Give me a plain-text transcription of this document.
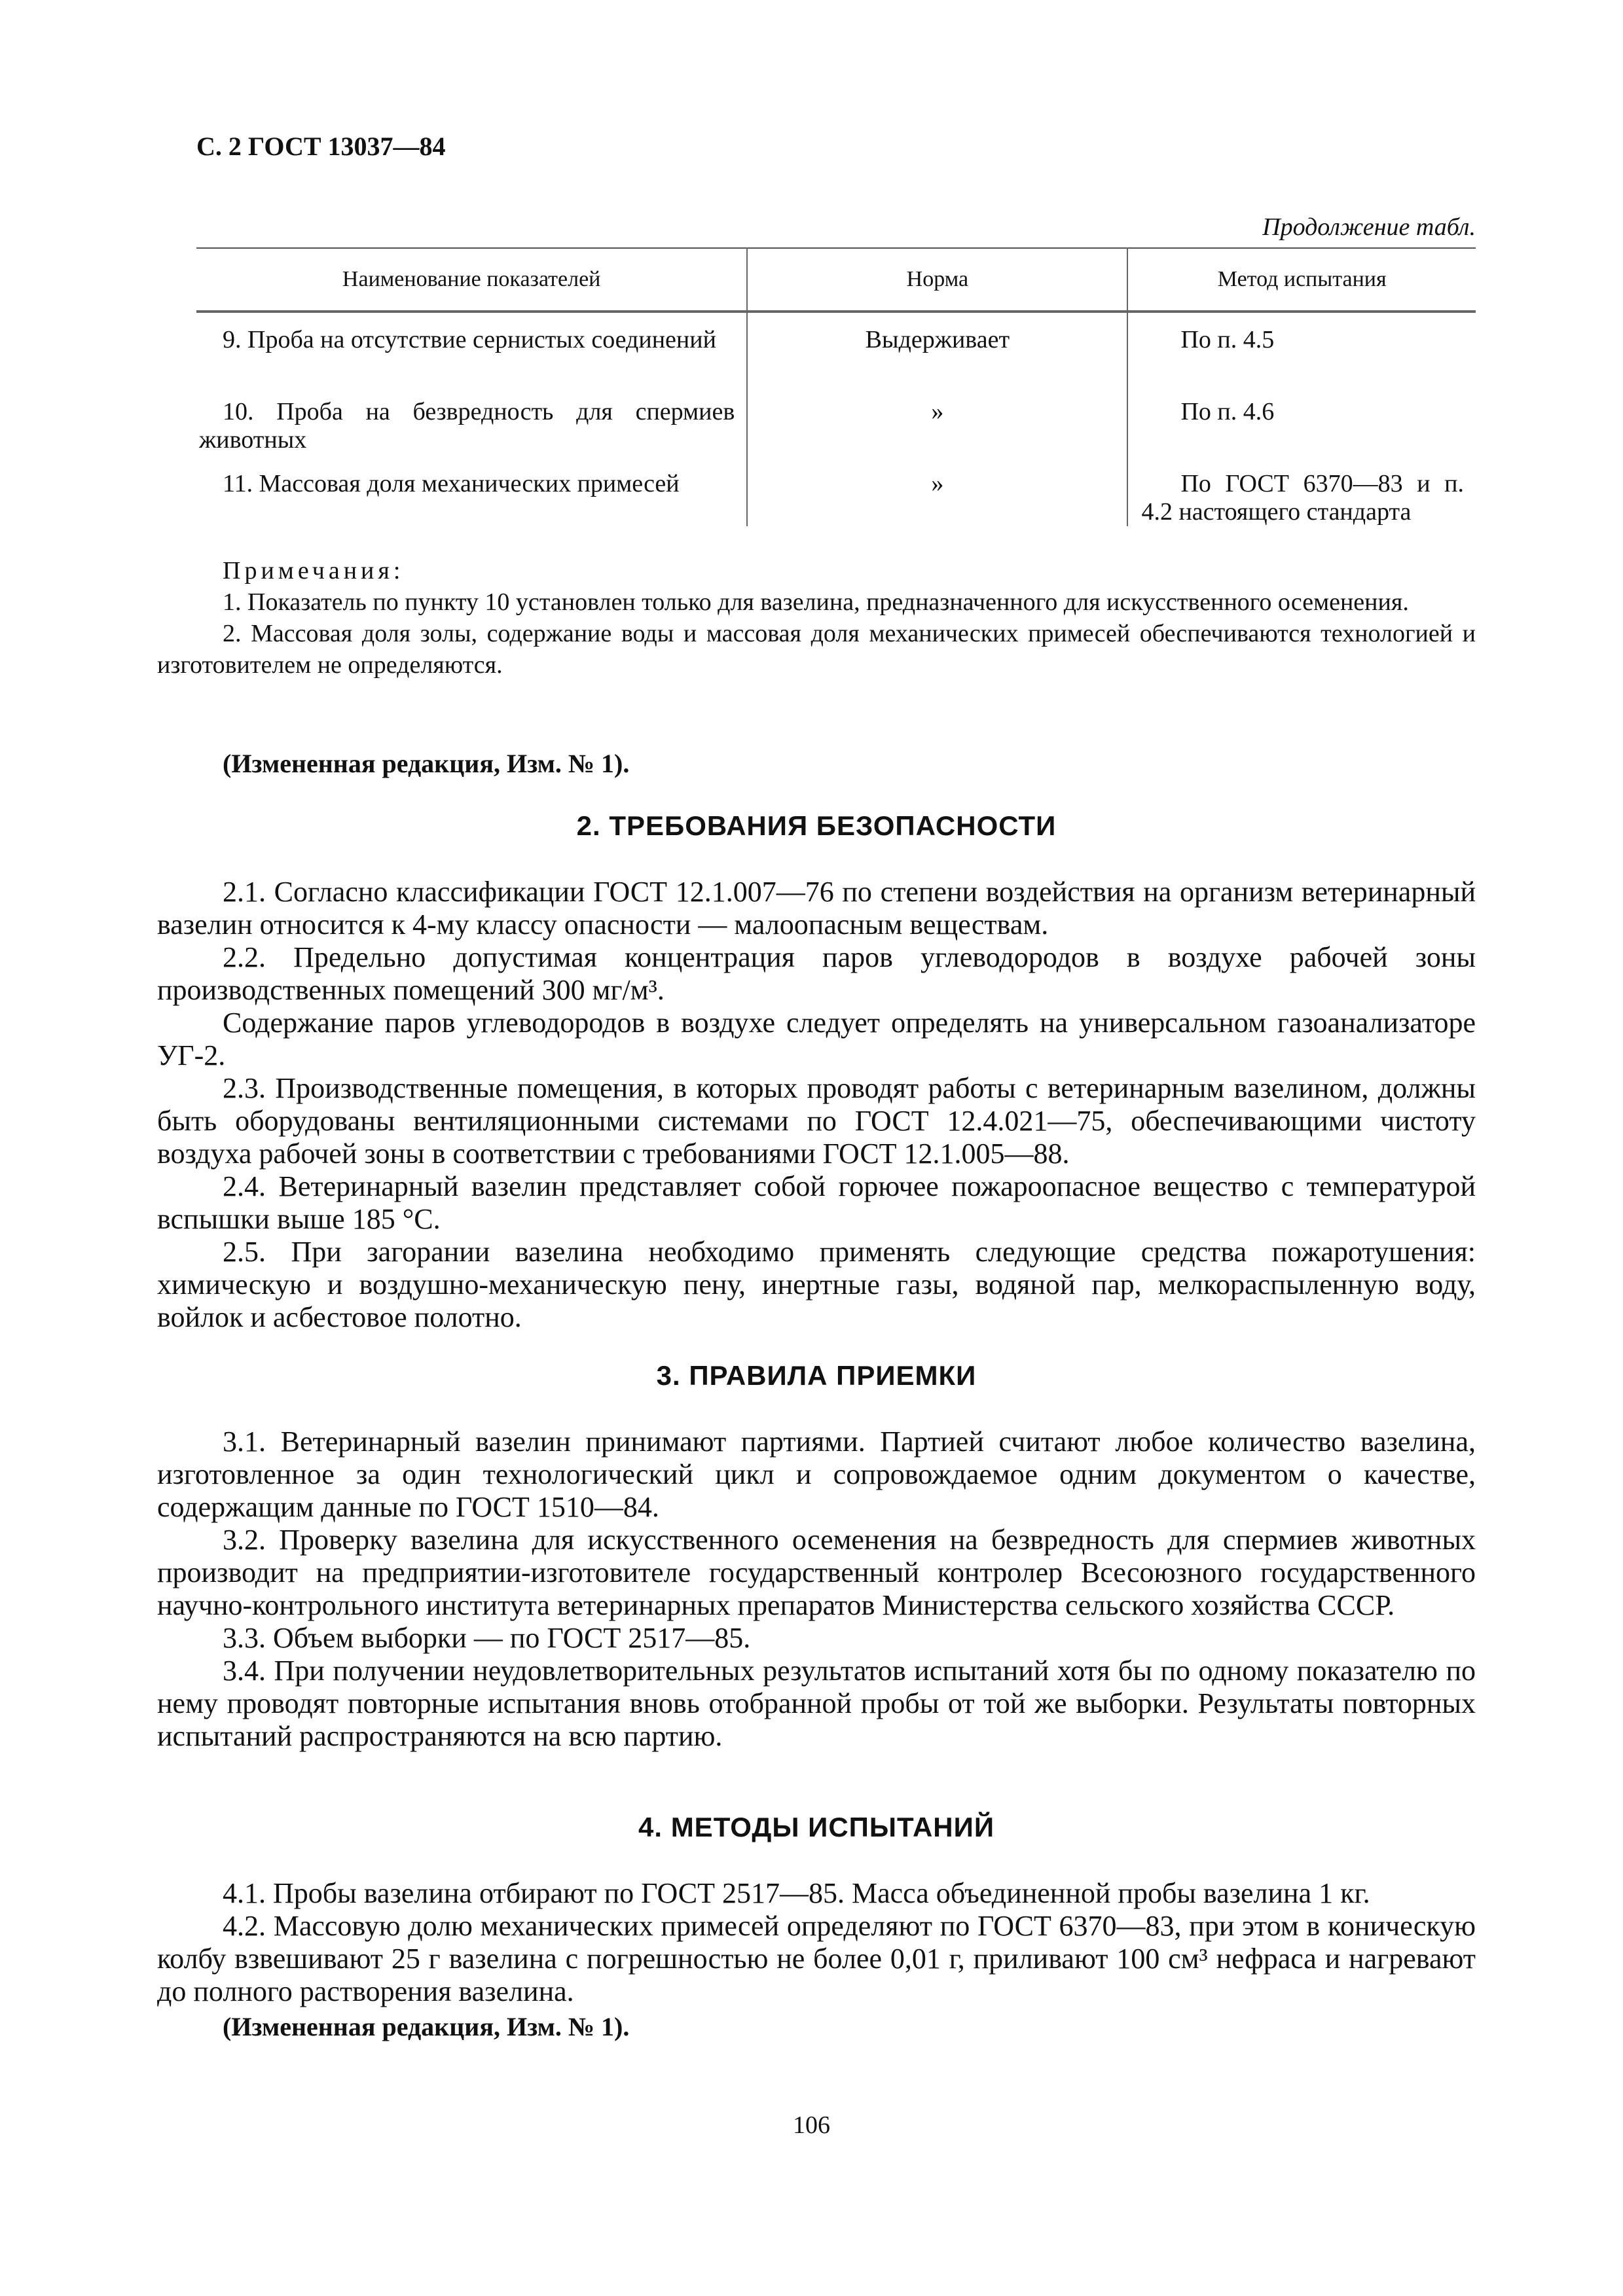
С. 2 ГОСТ 13037—84
Продолжение табл.
Наименование показателей	Норма	Метод испытания

9. Проба на отсутствие сернистых соединений	Выдерживает	По п. 4.5

10. Проба на безвредность для спермиев животных	»	По п. 4.6

11. Массовая доля механических примесей	»	По ГОСТ 6370—83 и п. 4.2 настоящего стандарта

Примечания:

1. Показатель по пункту 10 установлен только для вазелина, предназначенного для искусственного осеменения.

2. Массовая доля золы, содержание воды и массовая доля механических примесей обеспечиваются технологией и изготовителем не определяются.

(Измененная редакция, Изм. № 1).
2. ТРЕБОВАНИЯ БЕЗОПАСНОСТИ

2.1. Согласно классификации ГОСТ 12.1.007—76 по степени воздействия на организм ветеринарный вазелин относится к 4-му классу опасности — малоопасным веществам.

2.2. Предельно допустимая концентрация паров углеводородов в воздухе рабочей зоны производственных помещений 300 мг/м³.

Содержание паров углеводородов в воздухе следует определять на универсальном газоанализаторе УГ-2.

2.3. Производственные помещения, в которых проводят работы с ветеринарным вазелином, должны быть оборудованы вентиляционными системами по ГОСТ 12.4.021—75, обеспечивающими чистоту воздуха рабочей зоны в соответствии с требованиями ГОСТ 12.1.005—88.

2.4. Ветеринарный вазелин представляет собой горючее пожароопасное вещество с температурой вспышки выше 185 °С.

2.5. При загорании вазелина необходимо применять следующие средства пожаротушения: химическую и воздушно-механическую пену, инертные газы, водяной пар, мелкораспыленную воду, войлок и асбестовое полотно.

3. ПРАВИЛА ПРИЕМКИ

3.1. Ветеринарный вазелин принимают партиями. Партией считают любое количество вазелина, изготовленное за один технологический цикл и сопровождаемое одним документом о качестве, содержащим данные по ГОСТ 1510—84.

3.2. Проверку вазелина для искусственного осеменения на безвредность для спермиев животных производит на предприятии-изготовителе государственный контролер Всесоюзного государственного научно-контрольного института ветеринарных препаратов Министерства сельского хозяйства СССР.

3.3. Объем выборки — по ГОСТ 2517—85.

3.4. При получении неудовлетворительных результатов испытаний хотя бы по одному показателю по нему проводят повторные испытания вновь отобранной пробы от той же выборки. Результаты повторных испытаний распространяются на всю партию.

4. МЕТОДЫ ИСПЫТАНИЙ

4.1. Пробы вазелина отбирают по ГОСТ 2517—85. Масса объединенной пробы вазелина 1 кг.

4.2. Массовую долю механических примесей определяют по ГОСТ 6370—83, при этом в коническую колбу взвешивают 25 г вазелина с погрешностью не более 0,01 г, приливают 100 см³ нефраса и нагревают до полного растворения вазелина.

(Измененная редакция, Изм. № 1).
106
